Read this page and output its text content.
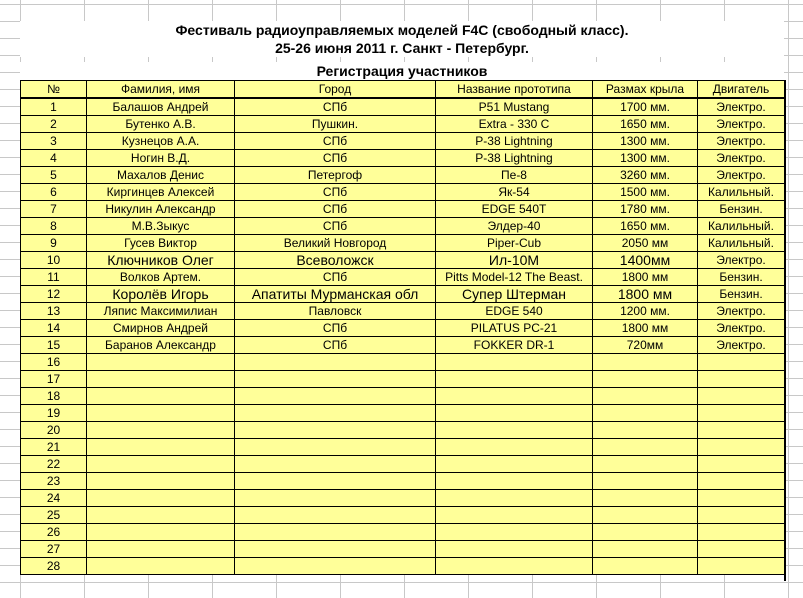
Фестиваль радиоуправляемых моделей F4C (свободный класс).
25-26 июня 2011 г. Санкт - Петербург.
Регистрация участников
№	Фамилия, имя	Город	Название прототипа	Размах крыла	Двигатель
1	Балашов Андрей	СПб	P51 Mustang	1700 мм.	Электро.
2	Бутенко А.В.	Пушкин.	Extra - 330 C	1650 мм.	Электро.
3	Кузнецов А.А.	СПб	P-38 Lightning	1300 мм.	Электро.
4	Ногин В.Д.	СПб	P-38 Lightning	1300 мм.	Электро.
5	Махалов Денис	Петергоф	Пе-8	3260 мм.	Электро.
6	Киргинцев Алексей	СПб	Як-54	1500 мм.	Калильный.
7	Никулин Александр	СПб	EDGE 540T	1780 мм.	Бензин.
8	М.В.Зыкус	СПб	Элдер-40	1650 мм.	Калильный.
9	Гусев Виктор	Великий Новгород	Piper-Cub	2050 мм	Калильный.
10	Ключников Олег	Всеволожск	Ил-10М	1400мм	Электро.
11	Волков Артем.	СПб	Pitts Model-12 The Beast.	1800 мм	Бензин.
12	Королёв Игорь	Апатиты Мурманская обл	Супер Штерман	1800 мм	Бензин.
13	Ляпис Максимилиан	Павловск	EDGE 540	1200 мм.	Электро.
14	Смирнов Андрей	СПб	PILATUS PC-21	1800 мм	Электро.
15	Баранов Александр	СПб	FOKKER DR-1	720мм	Электро.
16					
17					
18					
19					
20					
21					
22					
23					
24					
25					
26					
27					
28					
